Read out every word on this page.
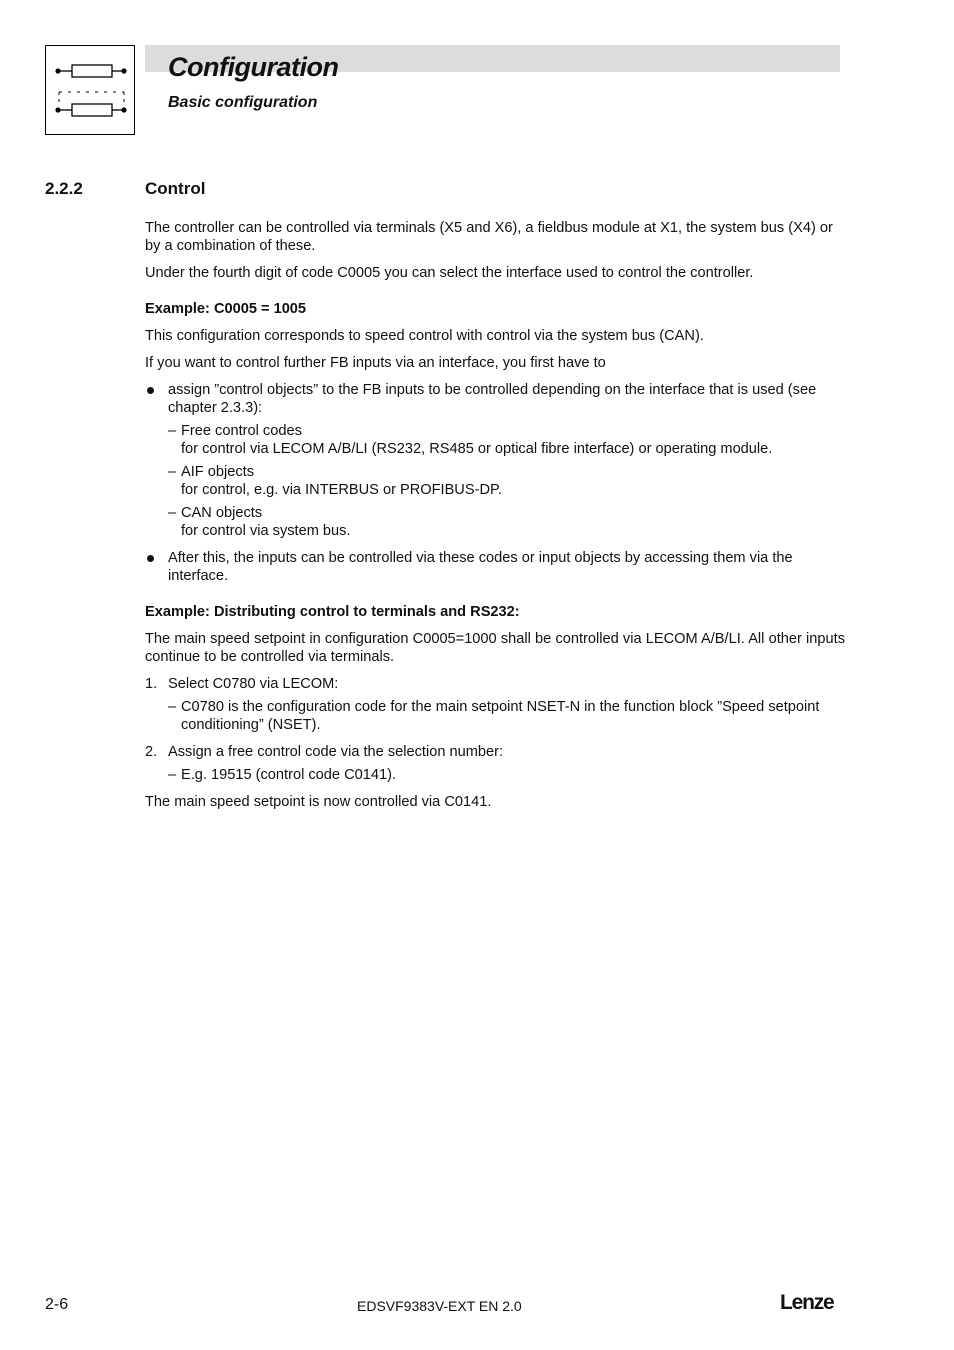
Configuration
Basic configuration
2.2.2	Control

The controller can be controlled via terminals (X5 and X6), a fieldbus module at X1, the system bus (X4) or by a combination of these.

Under the fourth digit of code C0005 you can select the interface used to control the controller.

Example: C0005 = 1005

This configuration corresponds to speed control with control via the system bus (CAN).

If you want to control further FB inputs via an interface, you first have to

assign ”control objects” to the FB inputs to be controlled depending on the interface that is used (see chapter 2.3.3):
– Free control codes
for control via LECOM A/B/LI (RS232, RS485 or optical fibre interface) or operating module.
– AIF objects
for control, e.g. via INTERBUS or PROFIBUS-DP.
– CAN objects
for control via system bus.
After this, the inputs can be controlled via these codes or input objects by accessing them via the interface.

Example: Distributing control to terminals and RS232:

The main speed setpoint in configuration C0005=1000 shall be controlled via LECOM A/B/LI. All other inputs continue to be controlled via terminals.

1. Select C0780 via LECOM:
– C0780 is the configuration code for the main setpoint NSET-N in the function block ”Speed setpoint conditioning” (NSET).
2. Assign a free control code via the selection number:
– E.g. 19515 (control code C0141).

The main speed setpoint is now controlled via C0141.

2-6	EDSVF9383V-EXT EN 2.0	Lenze
